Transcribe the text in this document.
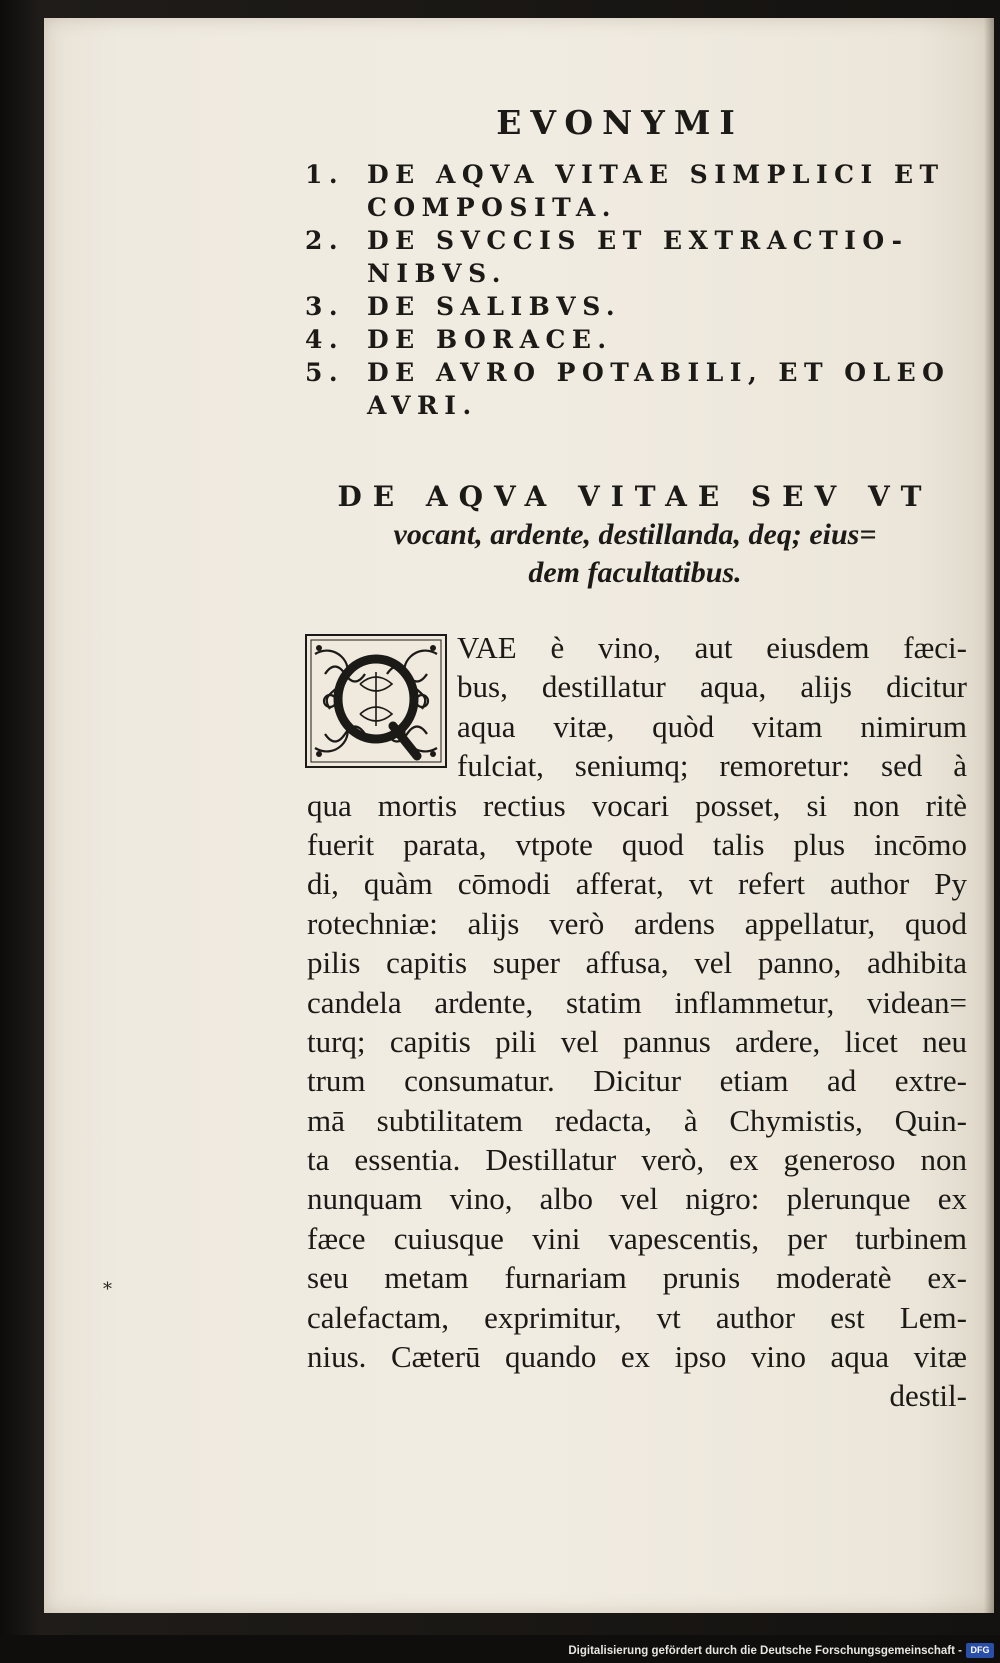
EVONYMI
1. DE AQVA VITAE SIMPLICI ET
COMPOSITA.
2. DE SVCCIS ET EXTRACTIO-
NIBVS.
3. DE SALIBVS.
4. DE BORACE.
5. DE AVRO POTABILI, ET OLEO
AVRI.
DE AQVA VITAE SEV VT
vocant, ardente, destillanda, deq; eius=
dem facultatibus.
VAE è vino, aut eiusdem fæci-
bus, destillatur aqua, alijs dicitur
aqua vitæ, quòd vitam nimirum
fulciat, seniumq; remoretur: sed à
qua mortis rectius vocari posset, si non ritè
fuerit parata, vtpote quod talis plus incōmo
di, quàm cōmodi afferat, vt refert author Py
rotechniæ: alijs verò ardens appellatur, quod
pilis capitis super affusa, vel panno, adhibita
candela ardente, statim inflammetur, videan=
turq; capitis pili vel pannus ardere, licet neu
trum consumatur. Dicitur etiam ad extre-
mā subtilitatem redacta, à Chymistis, Quin-
ta essentia. Destillatur verò, ex generoso non
nunquam vino, albo vel nigro: plerunque ex
fæce cuiusque vini vapescentis, per turbinem
seu metam furnariam prunis moderatè ex-
calefactam, exprimitur, vt author est Lem-
nius. Cæterū quando ex ipso vino aqua vitæ
destil-
*
Digitalisierung gefördert durch die Deutsche Forschungsgemeinschaft - DFG
